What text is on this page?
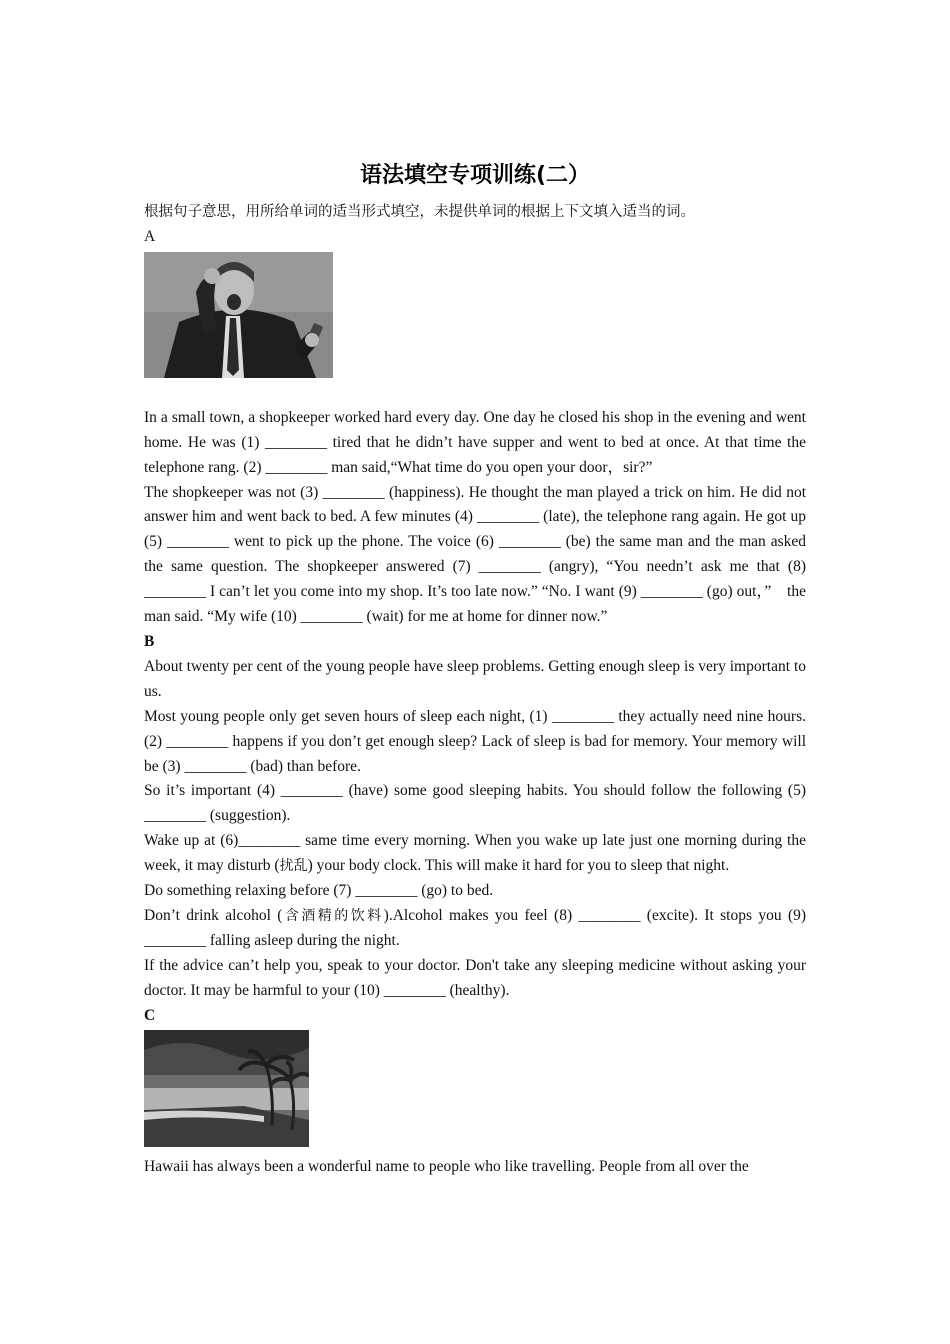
语法填空专项训练(二）

根据句子意思，用所给单词的适当形式填空，未提供单词的根据上下文填入适当的词。

A

In a small town, a shopkeeper worked hard every day. One day he closed his shop in the evening and went home. He was (1) ________ tired that he didn’t have supper and went to bed at once. At that time the telephone rang. (2) ________ man said,“What time do you open your door，sir?”

The shopkeeper was not (3) ________ (happiness). He thought the man played a trick on him. He did not answer him and went back to bed. A few minutes (4) ________ (late), the telephone rang again. He got up (5) ________ went to pick up the phone. The voice (6) ________ (be) the same man and the man asked the same question. The shopkeeper answered (7) ________ (angry), “You needn’t ask me that (8) ________ I can’t let you come into my shop. It’s too late now.” “No. I want (9) ________ (go) out，”　the man said. “My wife (10) ________ (wait) for me at home for dinner now.”

B

About twenty per cent of the young people have sleep problems. Getting enough sleep is very important to us.

Most young people only get seven hours of sleep each night, (1) ________ they actually need nine hours. (2) ________ happens if you don’t get enough sleep? Lack of sleep is bad for memory. Your memory will be (3) ________ (bad) than before.

So it’s important (4) ________ (have) some good sleeping habits. You should follow the following (5) ________ (suggestion).

Wake up at (6)________ same time every morning. When you wake up late just one morning during the week, it may disturb (扰乱) your body clock. This will make it hard for you to sleep that night.

Do something relaxing before (7) ________ (go) to bed.

Don’t drink alcohol (含酒精的饮料).Alcohol makes you feel (8) ________ (excite). It stops you (9) ________ falling asleep during the night.

If the advice can’t help you, speak to your doctor. Don't take any sleeping medicine without asking your doctor. It may be harmful to your (10) ________ (healthy).

C

Hawaii has always been a wonderful name to people who like travelling. People from all over the
